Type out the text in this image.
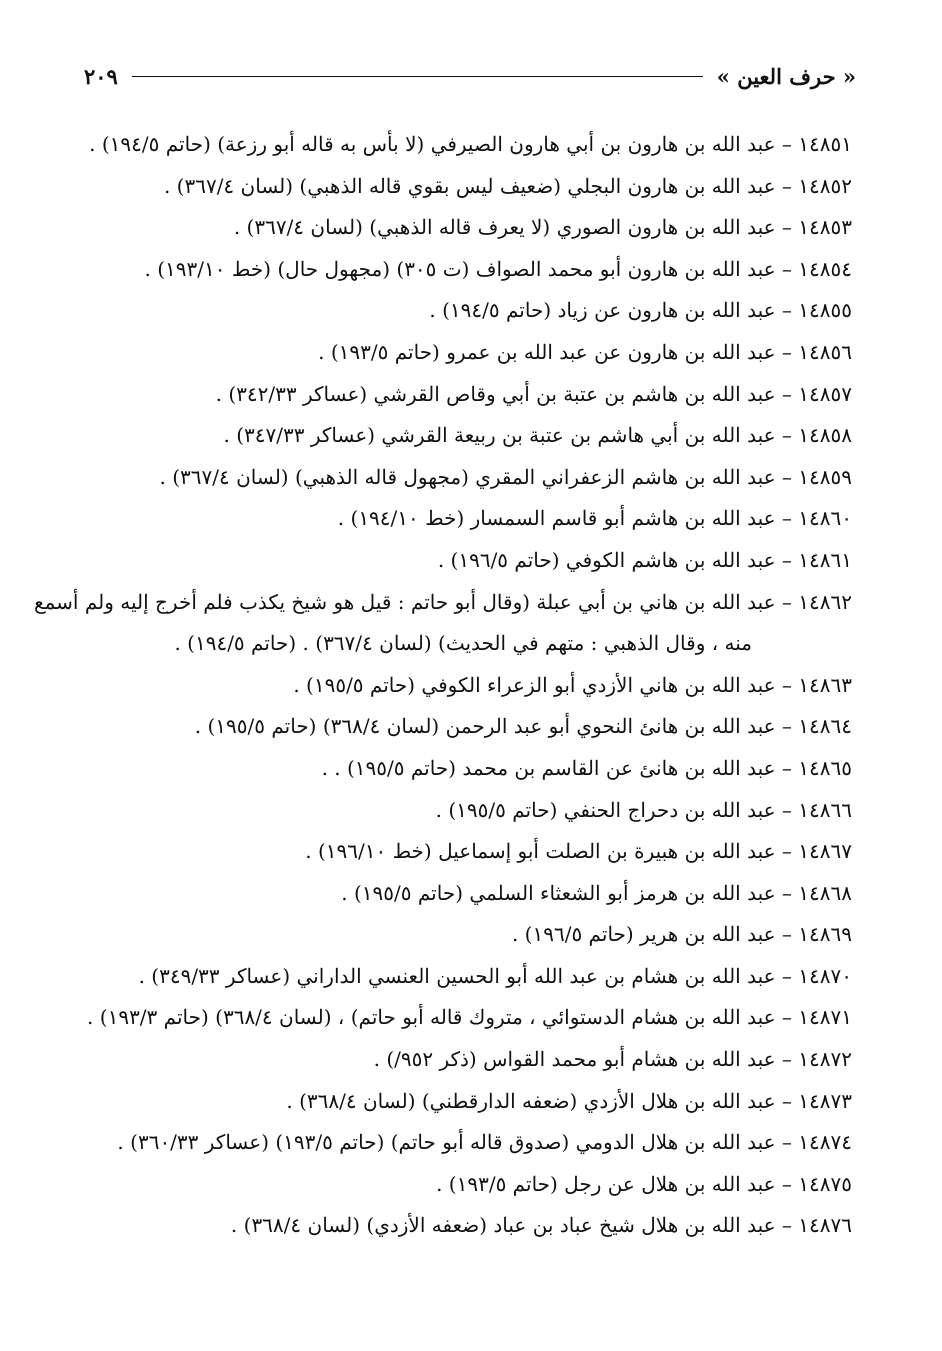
« حرف العين »
٢٠٩
١٤٨٥١ – عبد الله بن هارون بن أبي هارون الصيرفي (لا بأس به قاله أبو رزعة) (حاتم ١٩٤/٥) .
١٤٨٥٢ – عبد الله بن هارون البجلي (ضعيف ليس بقوي قاله الذهبي) (لسان ٣٦٧/٤) .
١٤٨٥٣ – عبد الله بن هارون الصوري (لا يعرف قاله الذهبي) (لسان ٣٦٧/٤) .
١٤٨٥٤ – عبد الله بن هارون أبو محمد الصواف (ت ٣٠٥) (مجهول حال) (خط ١٩٣/١٠) .
١٤٨٥٥ – عبد الله بن هارون عن زياد (حاتم ١٩٤/٥) .
١٤٨٥٦ – عبد الله بن هارون عن عبد الله بن عمرو (حاتم ١٩٣/٥) .
١٤٨٥٧ – عبد الله بن هاشم بن عتبة بن أبي وقاص القرشي (عساكر ٣٤٢/٣٣) .
١٤٨٥٨ – عبد الله بن أبي هاشم بن عتبة بن ربيعة القرشي (عساكر ٣٤٧/٣٣) .
١٤٨٥٩ – عبد الله بن هاشم الزعفراني المقري (مجهول قاله الذهبي) (لسان ٣٦٧/٤) .
١٤٨٦٠ – عبد الله بن هاشم أبو قاسم السمسار (خط ١٩٤/١٠) .
١٤٨٦١ – عبد الله بن هاشم الكوفي (حاتم ١٩٦/٥) .
١٤٨٦٢ – عبد الله بن هاني بن أبي عبلة (وقال أبو حاتم : قيل هو شيخ يكذب فلم أخرج إليه ولم أسمع
منه ، وقال الذهبي : متهم في الحديث) (لسان ٣٦٧/٤) . (حاتم ١٩٤/٥) .
١٤٨٦٣ – عبد الله بن هاني الأزدي أبو الزعراء الكوفي (حاتم ١٩٥/٥) .
١٤٨٦٤ – عبد الله بن هانئ النحوي أبو عبد الرحمن (لسان ٣٦٨/٤) (حاتم ١٩٥/٥) .
١٤٨٦٥ – عبد الله بن هانئ عن القاسم بن محمد (حاتم ١٩٥/٥) . .
١٤٨٦٦ – عبد الله بن دحراج الحنفي (حاتم ١٩٥/٥) .
١٤٨٦٧ – عبد الله بن هبيرة بن الصلت أبو إسماعيل (خط ١٩٦/١٠) .
١٤٨٦٨ – عبد الله بن هرمز أبو الشعثاء السلمي (حاتم ١٩٥/٥) .
١٤٨٦٩ – عبد الله بن هرير (حاتم ١٩٦/٥) .
١٤٨٧٠ – عبد الله بن هشام بن عبد الله أبو الحسين العنسي الداراني (عساكر ٣٤٩/٣٣) .
١٤٨٧١ – عبد الله بن هشام الدستوائي ، متروك قاله أبو حاتم) ، (لسان ٣٦٨/٤) (حاتم ١٩٣/٣) .
١٤٨٧٢ – عبد الله بن هشام أبو محمد القواس (ذكر ٩٥٢/) .
١٤٨٧٣ – عبد الله بن هلال الأزدي (ضعفه الدارقطني) (لسان ٣٦٨/٤) .
١٤٨٧٤ – عبد الله بن هلال الدومي (صدوق قاله أبو حاتم) (حاتم ١٩٣/٥) (عساكر ٣٦٠/٣٣) .
١٤٨٧٥ – عبد الله بن هلال عن رجل (حاتم ١٩٣/٥) .
١٤٨٧٦ – عبد الله بن هلال شيخ عباد بن عباد (ضعفه الأزدي) (لسان ٣٦٨/٤) .
